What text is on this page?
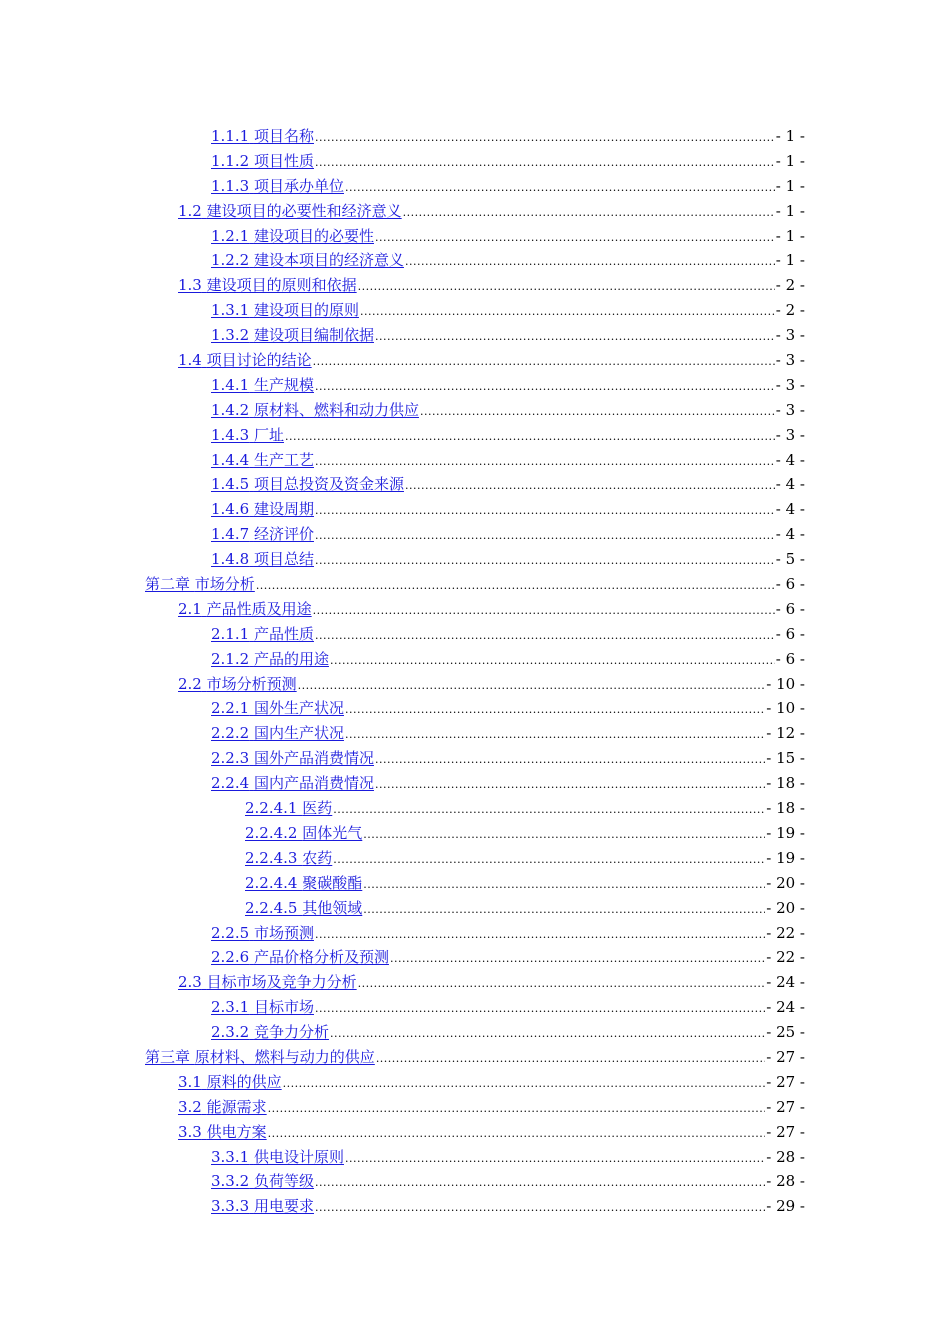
1.1.1 项目名称 .....	- 1 -
1.1.2 项目性质 .....	- 1 -
1.1.3 项目承办单位 .....	- 1 -
1.2 建设项目的必要性和经济意义 .....	- 1 -
1.2.1 建设项目的必要性 .....	- 1 -
1.2.2 建设本项目的经济意义 .....	- 1 -
1.3 建设项目的原则和依据 .....	- 2 -
1.3.1 建设项目的原则 .....	- 2 -
1.3.2 建设项目编制依据 .....	- 3 -
1.4 项目讨论的结论 .....	- 3 -
1.4.1 生产规模 .....	- 3 -
1.4.2 原材料、燃料和动力供应 .....	- 3 -
1.4.3 厂址 .....	- 3 -
1.4.4 生产工艺 .....	- 4 -
1.4.5 项目总投资及资金来源 .....	- 4 -
1.4.6 建设周期 .....	- 4 -
1.4.7 经济评价 .....	- 4 -
1.4.8 项目总结 .....	- 5 -
第二章 市场分析 .....	- 6 -
2.1 产品性质及用途 .....	- 6 -
2.1.1 产品性质 .....	- 6 -
2.1.2 产品的用途 .....	- 6 -
2.2 市场分析预测 .....	- 10 -
2.2.1 国外生产状况 .....	- 10 -
2.2.2 国内生产状况 .....	- 12 -
2.2.3 国外产品消费情况 .....	- 15 -
2.2.4 国内产品消费情况 .....	- 18 -
2.2.4.1 医药 .....	- 18 -
2.2.4.2 固体光气 .....	- 19 -
2.2.4.3 农药 .....	- 19 -
2.2.4.4 聚碳酸酯 .....	- 20 -
2.2.4.5 其他领域 .....	- 20 -
2.2.5 市场预测 .....	- 22 -
2.2.6 产品价格分析及预测 .....	- 22 -
2.3 目标市场及竞争力分析 .....	- 24 -
2.3.1 目标市场 .....	- 24 -
2.3.2 竞争力分析 .....	- 25 -
第三章 原材料、燃料与动力的供应 .....	- 27 -
3.1 原料的供应 .....	- 27 -
3.2 能源需求 .....	- 27 -
3.3 供电方案 .....	- 27 -
3.3.1 供电设计原则 .....	- 28 -
3.3.2 负荷等级 .....	- 28 -
3.3.3 用电要求 .....	- 29 -
